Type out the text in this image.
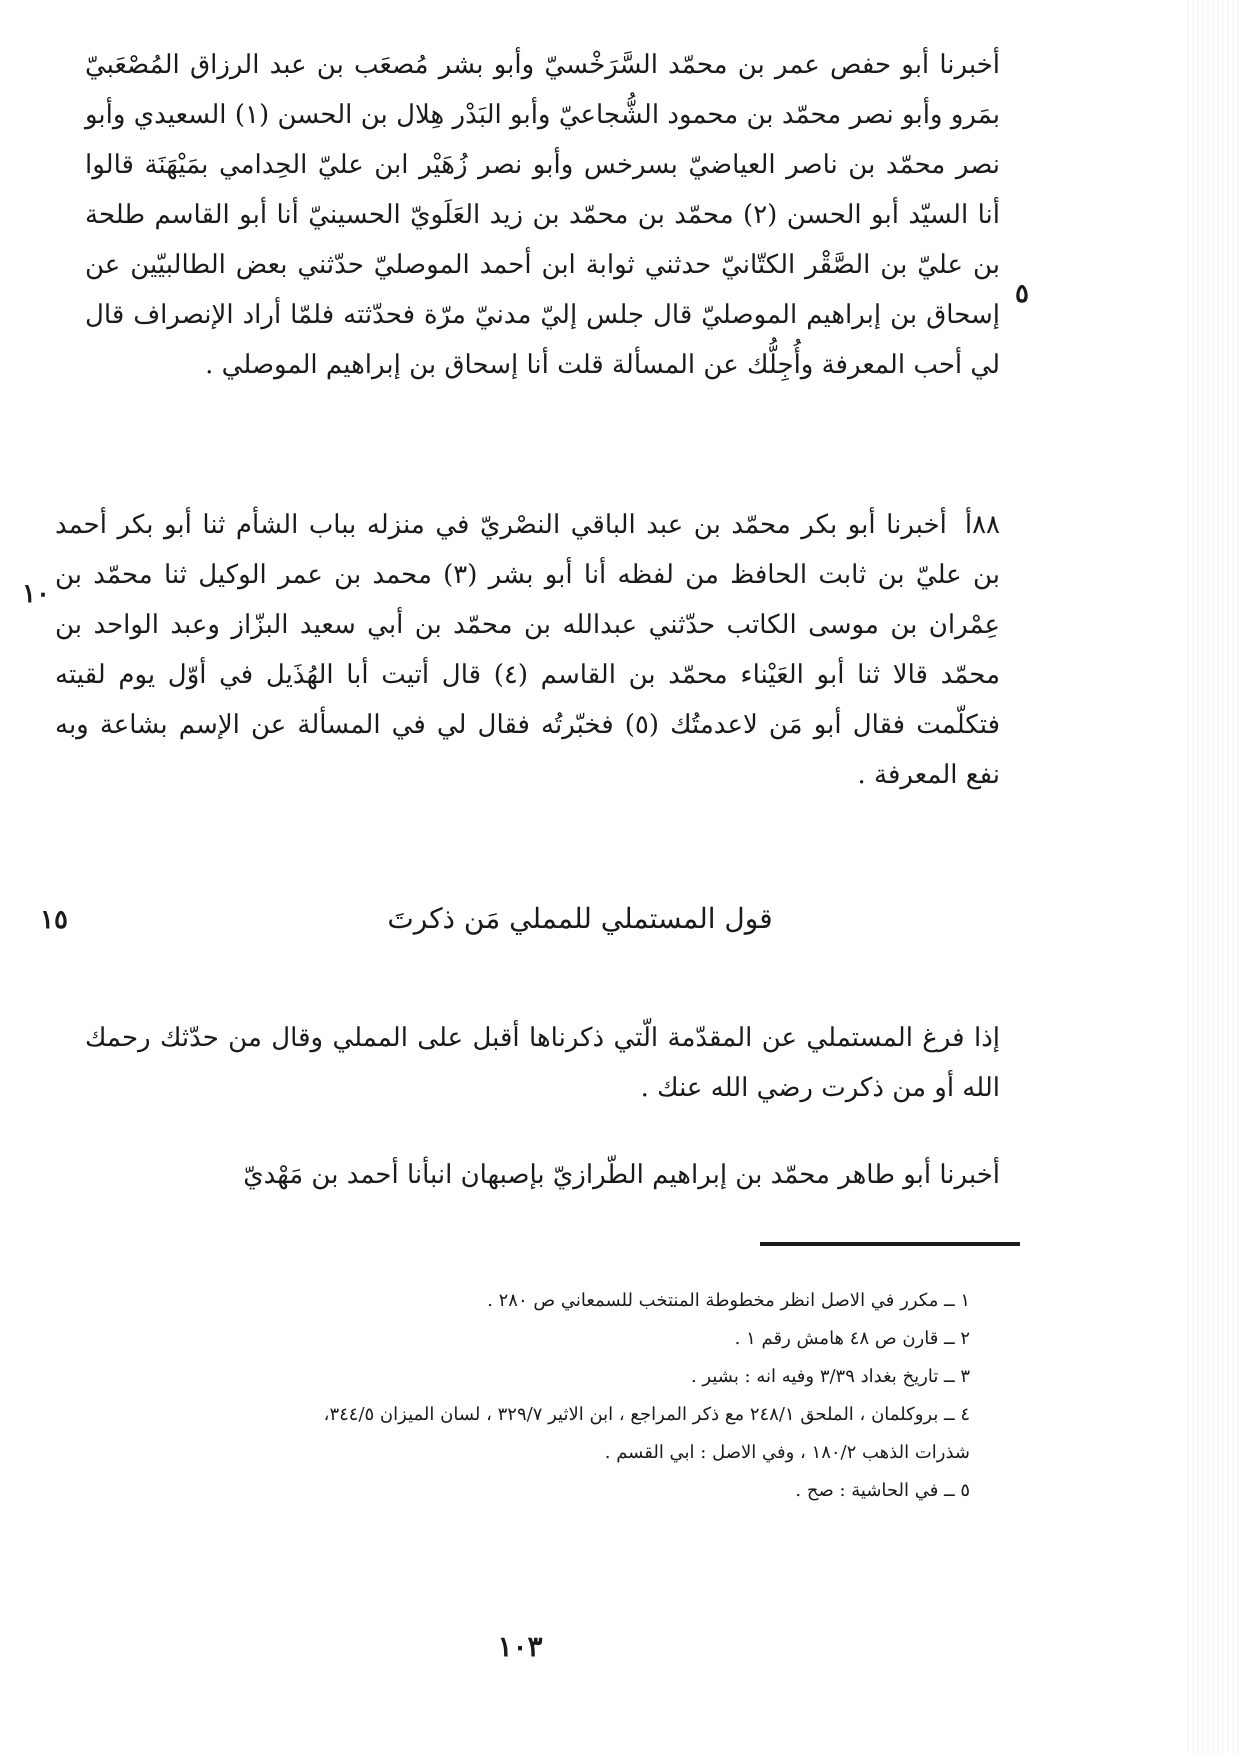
أخبرنا أبو حفص عمر بن محمّد السَّرَخْسيّ وأبو بشر مُصعَب بن عبد الرزاق المُصْعَبيّ بمَرو وأبو نصر محمّد بن محمود الشُّجاعيّ وأبو البَدْر هِلال بن الحسن (١) السعيدي وأبو نصر محمّد بن ناصر العياضيّ بسرخس وأبو نصر زُهَيْر ابن عليّ الحِدامي بمَيْهَنَة قالوا أنا السيّد أبو الحسن (٢) محمّد بن محمّد بن زيد العَلَويّ الحسينيّ أنا أبو القاسم طلحة بن عليّ بن الصَّقْر الكتّانيّ حدثني ثوابة ابن أحمد الموصليّ حدّثني بعض الطالبيّين عن إسحاق بن إبراهيم الموصليّ قال جلس إليّ مدنيّ مرّة فحدّثته فلمّا أراد الإنصراف قال لي أحب المعرفة وأُجِلُّك عن المسألة قلت أنا إسحاق بن إبراهيم الموصلي .

٥

٨٨أأخبرنا أبو بكر محمّد بن عبد الباقي النصْريّ في منزله بباب الشأم ثنا أبو بكر أحمد بن عليّ بن ثابت الحافظ من لفظه أنا أبو بشر (٣) محمد بن عمر الوكيل ثنا محمّد بن عِمْران بن موسى الكاتب حدّثني عبدالله بن محمّد بن أبي سعيد البزّاز وعبد الواحد بن محمّد قالا ثنا أبو العَيْناء محمّد بن القاسم (٤) قال أتيت أبا الهُذَيل في أوّل يوم لقيته فتكلّمت فقال أبو مَن لاعدمتُك (٥) فخبّرتُه فقال لي في المسألة عن الإسم بشاعة وبه نفع المعرفة .

١٠
قول المستملي للمملي مَن ذكرتَ
١٥

إذا فرغ المستملي عن المقدّمة الّتي ذكرناها أقبل على المملي وقال من حدّثك رحمك الله أو من ذكرت رضي الله عنك .

أخبرنا أبو طاهر محمّد بن إبراهيم الطّرازيّ بإصبهان انبأنا أحمد بن مَهْديّ

١ ــ مكرر في الاصل انظر مخطوطة المنتخب للسمعاني ص ٢٨٠ .
٢ ــ قارن ص ٤٨ هامش رقم ١ .
٣ ــ تاريخ بغداد ٣/٣٩ وفيه انه : بشير .
٤ ــ بروكلمان ، الملحق ٢٤٨/١ مع ذكر المراجع ، ابن الاثير ٣٢٩/٧ ، لسان الميزان ٣٤٤/٥،
شذرات الذهب ١٨٠/٢ ، وفي الاصل : ابي القسم .
٥ ــ في الحاشية : صح .
١٠٣
